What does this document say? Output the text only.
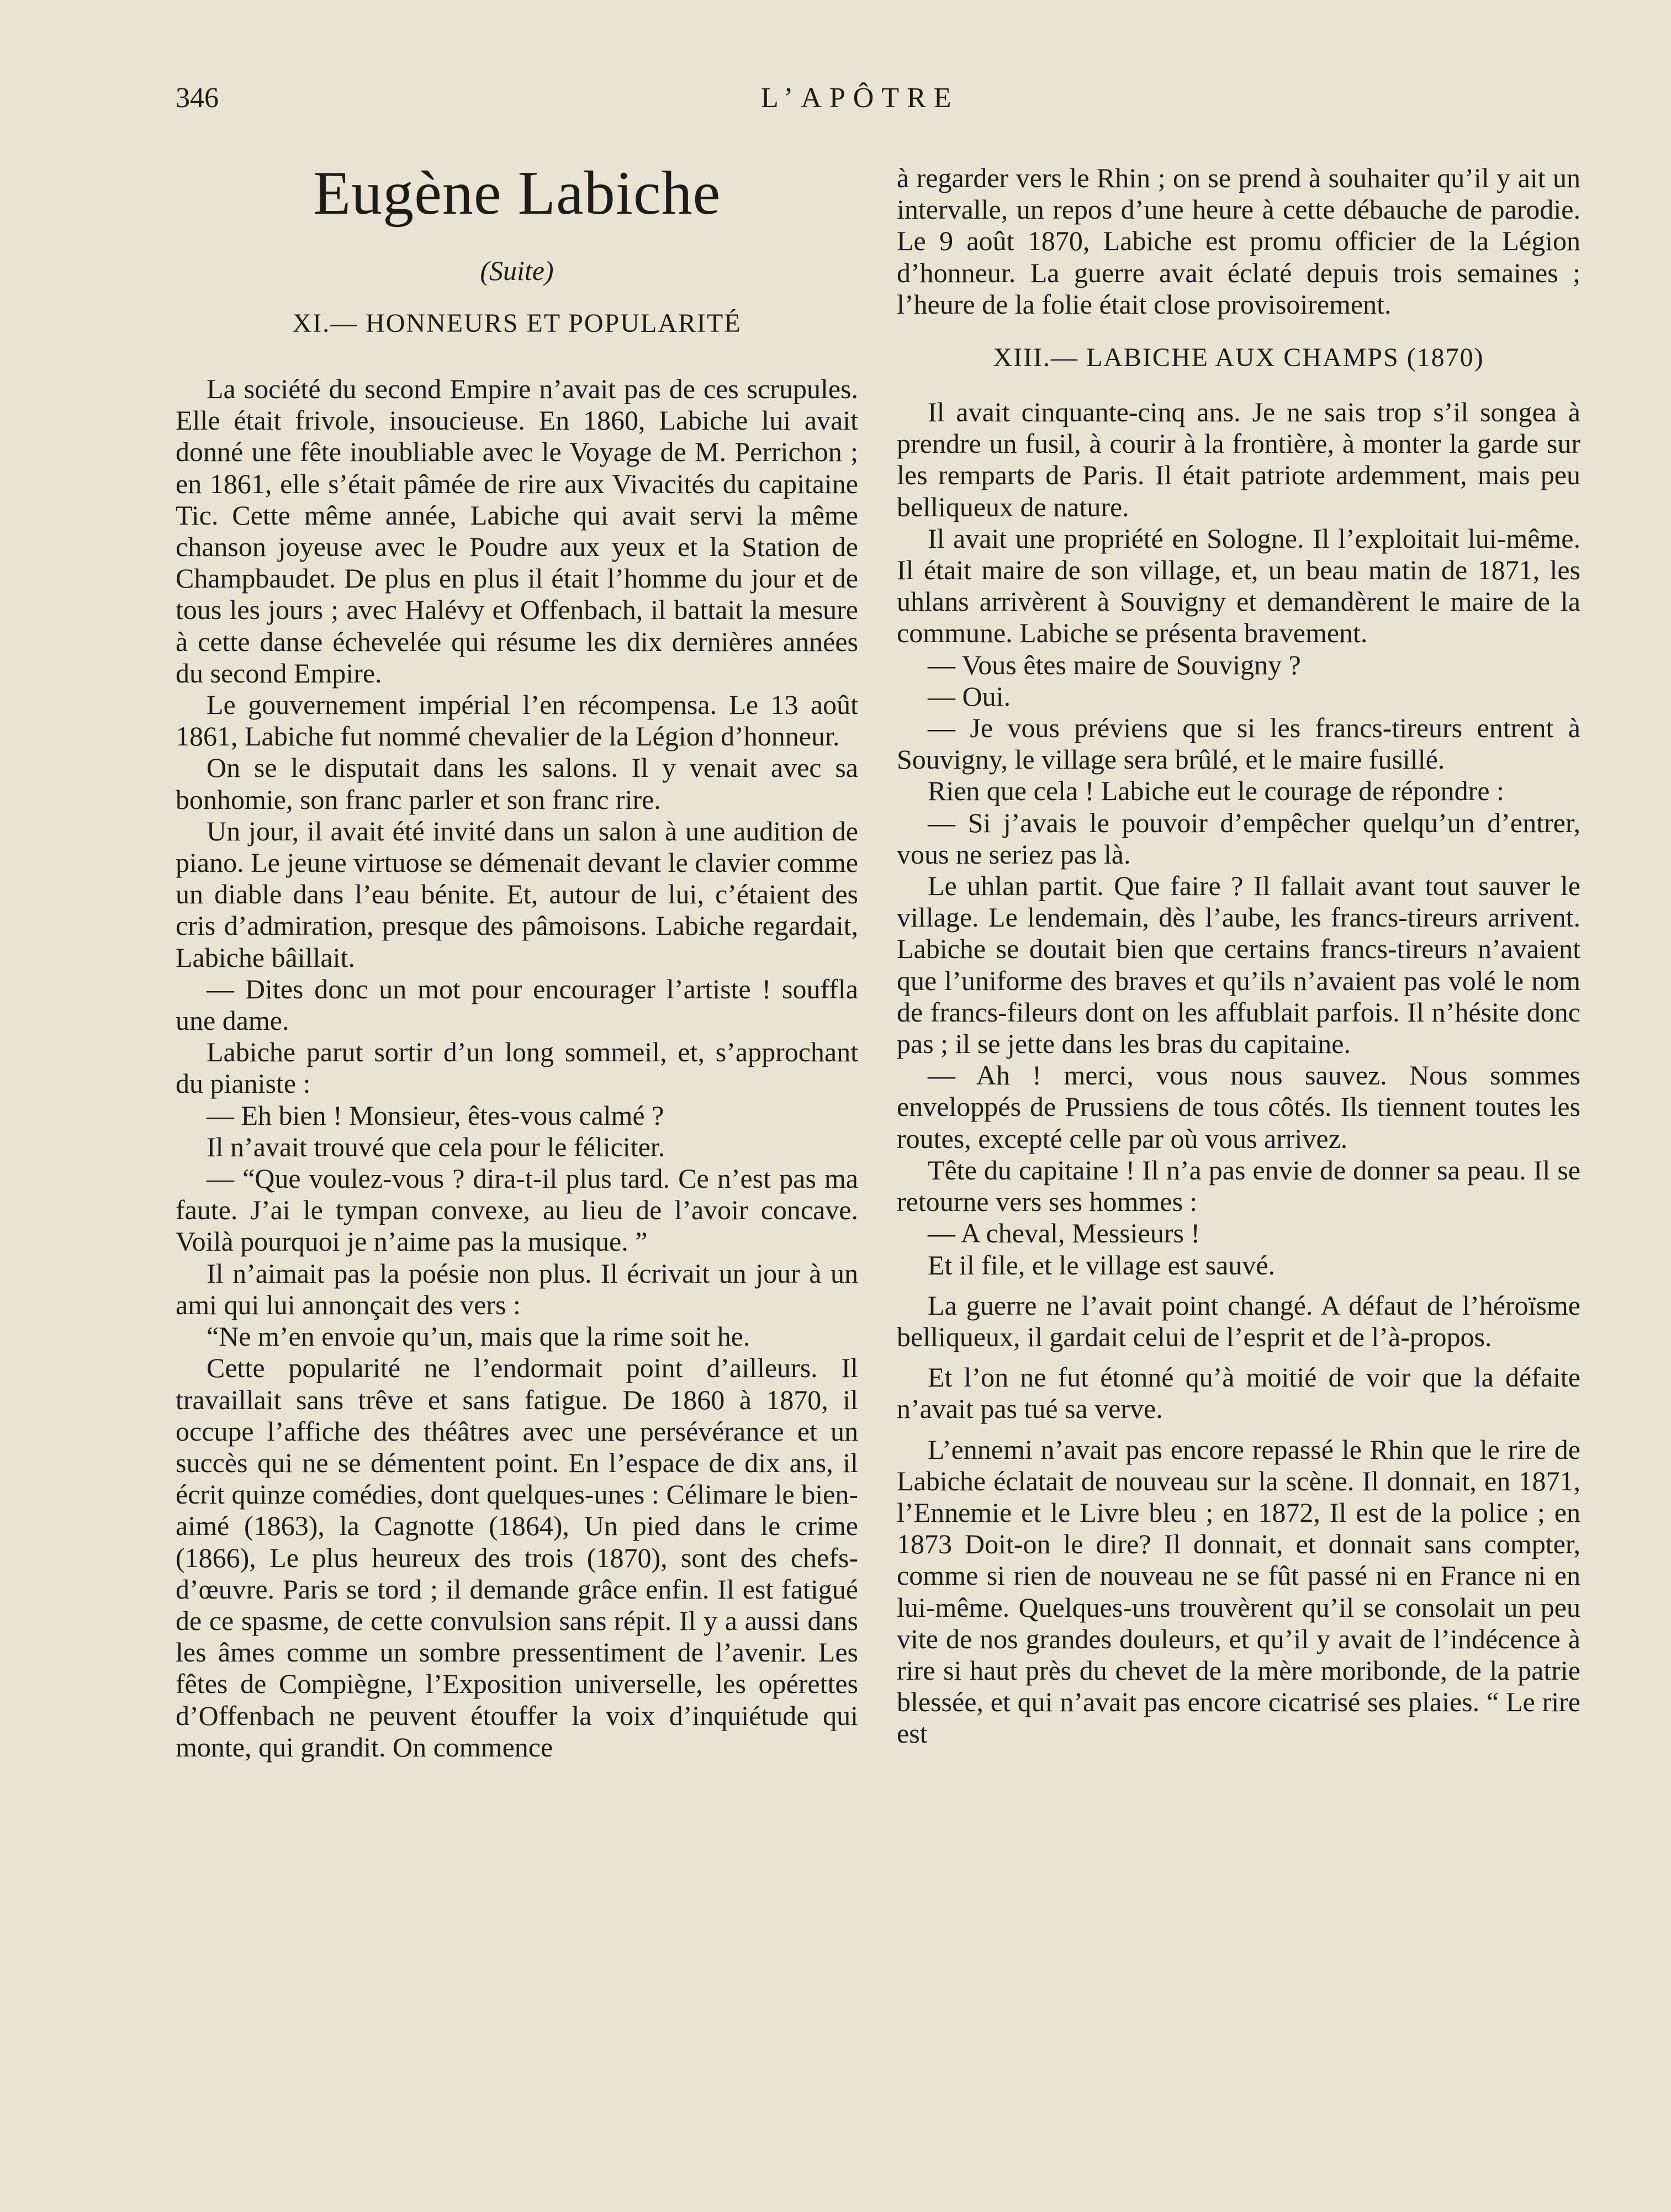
346	L’APÔTRE
Eugène Labiche
(Suite)
XI.— HONNEURS ET POPULARITÉ

La société du second Empire n’avait pas de ces scrupules. Elle était frivole, insoucieuse. En 1860, Labiche lui avait donné une fête inoubliable avec le Voyage de M. Perrichon ; en 1861, elle s’était pâmée de rire aux Vivacités du capitaine Tic. Cette même année, Labiche qui avait servi la même chanson joyeuse avec le Poudre aux yeux et la Station de Champbaudet. De plus en plus il était l’homme du jour et de tous les jours ; avec Halévy et Offenbach, il battait la mesure à cette danse échevelée qui résume les dix dernières années du second Empire.

Le gouvernement impérial l’en récompensa. Le 13 août 1861, Labiche fut nommé chevalier de la Légion d’honneur.

On se le disputait dans les salons. Il y venait avec sa bonhomie, son franc parler et son franc rire.

Un jour, il avait été invité dans un salon à une audition de piano. Le jeune virtuose se démenait devant le clavier comme un diable dans l’eau bénite. Et, autour de lui, c’étaient des cris d’admiration, presque des pâmoisons. Labiche regardait, Labiche bâillait.

— Dites donc un mot pour encourager l’artiste ! souffla une dame.

Labiche parut sortir d’un long sommeil, et, s’approchant du pianiste :

— Eh bien ! Monsieur, êtes-vous calmé ?

Il n’avait trouvé que cela pour le féliciter.

— “Que voulez-vous ? dira-t-il plus tard. Ce n’est pas ma faute. J’ai le tympan convexe, au lieu de l’avoir concave. Voilà pourquoi je n’aime pas la musique. ”

Il n’aimait pas la poésie non plus. Il écrivait un jour à un ami qui lui annonçait des vers :

“Ne m’en envoie qu’un, mais que la rime soit he.

Cette popularité ne l’endormait point d’ailleurs. Il travaillait sans trêve et sans fatigue. De 1860 à 1870, il occupe l’affiche des théâtres avec une persévérance et un succès qui ne se démentent point. En l’espace de dix ans, il écrit quinze comédies, dont quelques-unes : Célimare le bien-aimé (1863), la Cagnotte (1864), Un pied dans le crime (1866), Le plus heureux des trois (1870), sont des chefs-d’œuvre. Paris se tord ; il demande grâce enfin. Il est fatigué de ce spasme, de cette convulsion sans répit. Il y a aussi dans les âmes comme un sombre pressentiment de l’avenir. Les fêtes de Compiègne, l’Exposition universelle, les opérettes d’Offenbach ne peuvent étouffer la voix d’inquiétude qui monte, qui grandit. On commence

à regarder vers le Rhin ; on se prend à souhaiter qu’il y ait un intervalle, un repos d’une heure à cette débauche de parodie. Le 9 août 1870, Labiche est promu officier de la Légion d’honneur. La guerre avait éclaté depuis trois semaines ; l’heure de la folie était close provisoirement.

XIII.— LABICHE AUX CHAMPS (1870)

Il avait cinquante-cinq ans. Je ne sais trop s’il songea à prendre un fusil, à courir à la frontière, à monter la garde sur les remparts de Paris. Il était patriote ardemment, mais peu belliqueux de nature.

Il avait une propriété en Sologne. Il l’exploitait lui-même. Il était maire de son village, et, un beau matin de 1871, les uhlans arrivèrent à Souvigny et demandèrent le maire de la commune. Labiche se présenta bravement.

— Vous êtes maire de Souvigny ?

— Oui.

— Je vous préviens que si les francs-tireurs entrent à Souvigny, le village sera brûlé, et le maire fusillé.

Rien que cela ! Labiche eut le courage de répondre :

— Si j’avais le pouvoir d’empêcher quelqu’un d’entrer, vous ne seriez pas là.

Le uhlan partit. Que faire ? Il fallait avant tout sauver le village. Le lendemain, dès l’aube, les francs-tireurs arrivent. Labiche se doutait bien que certains francs-tireurs n’avaient que l’uniforme des braves et qu’ils n’avaient pas volé le nom de francs-fileurs dont on les affublait parfois. Il n’hésite donc pas ; il se jette dans les bras du capitaine.

— Ah ! merci, vous nous sauvez. Nous sommes enveloppés de Prussiens de tous côtés. Ils tiennent toutes les routes, excepté celle par où vous arrivez.

Tête du capitaine ! Il n’a pas envie de donner sa peau. Il se retourne vers ses hommes :

— A cheval, Messieurs !

Et il file, et le village est sauvé.

La guerre ne l’avait point changé. A défaut de l’héroïsme belliqueux, il gardait celui de l’esprit et de l’à-propos.

Et l’on ne fut étonné qu’à moitié de voir que la défaite n’avait pas tué sa verve.

L’ennemi n’avait pas encore repassé le Rhin que le rire de Labiche éclatait de nouveau sur la scène. Il donnait, en 1871, l’Ennemie et le Livre bleu ; en 1872, Il est de la police ; en 1873 Doit-on le dire? Il donnait, et donnait sans compter, comme si rien de nouveau ne se fût passé ni en France ni en lui-même. Quelques-uns trouvèrent qu’il se consolait un peu vite de nos grandes douleurs, et qu’il y avait de l’indécence à rire si haut près du chevet de la mère moribonde, de la patrie blessée, et qui n’avait pas encore cicatrisé ses plaies. “ Le rire est
